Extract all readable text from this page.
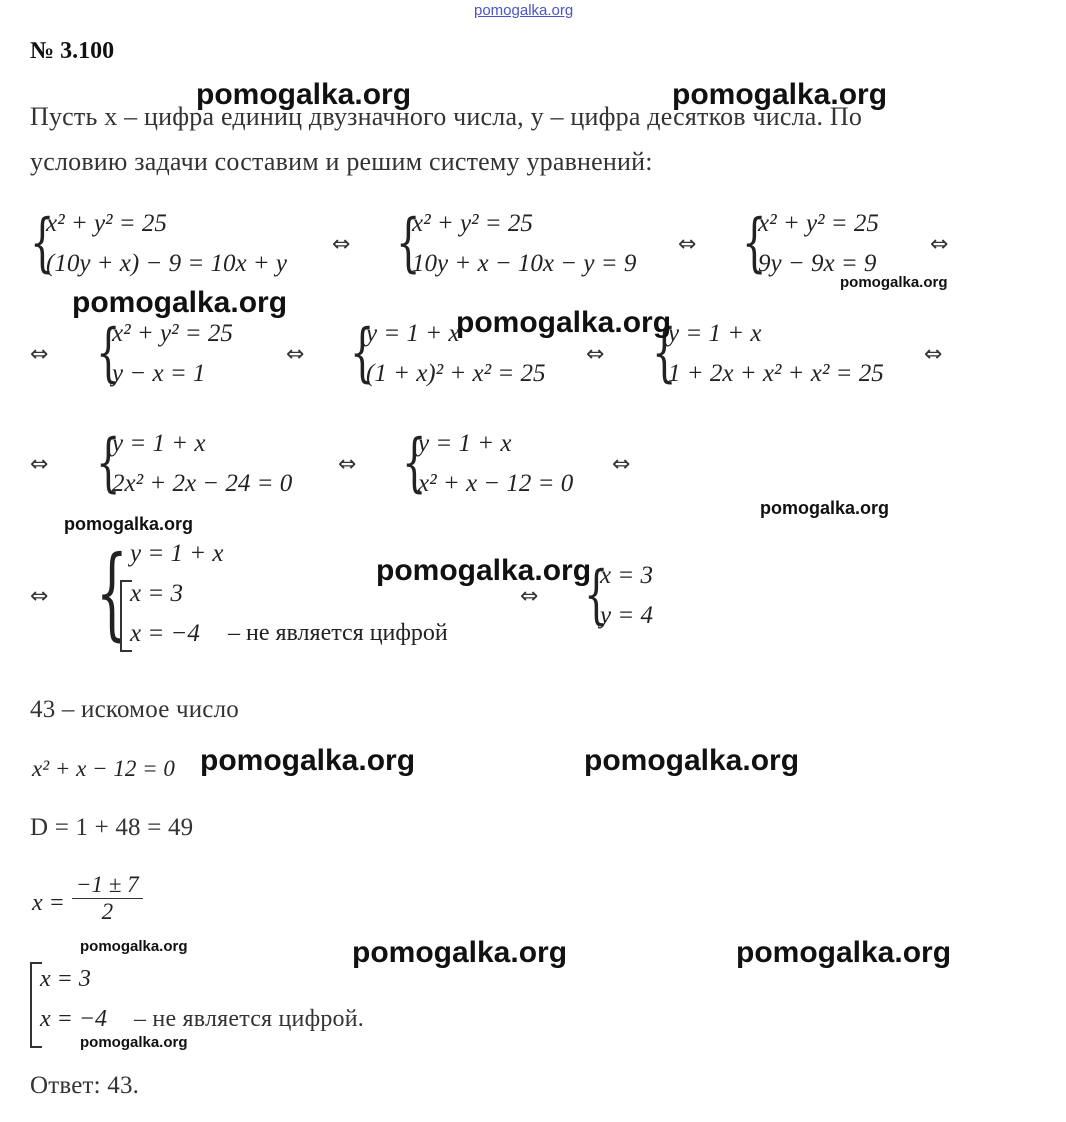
pomogalka.org
№ 3.100
Пусть x – цифра единиц двузначного числа, y – цифра десятков числа. По
условию задачи составим и решим систему уравнений:
{
x² + y² = 25
(10y + x) − 9 = 10x + y
⇔ {
x² + y² = 25
10y + x − 10x − y = 9
⇔ {
x² + y² = 25
9y − 9x = 9
⇔
⇔ {
x² + y² = 25
y − x = 1
⇔ {
y = 1 + x
(1 + x)² + x² = 25
⇔ {
y = 1 + x
1 + 2x + x² + x² = 25
⇔
⇔ {
y = 1 + x
2x² + 2x − 24 = 0
⇔ {
y = 1 + x
x² + x − 12 = 0
⇔
⇔ { y = 1 + x
x = 3
x = −4 – не является цифрой
⇔ {
x = 3
y = 4
43 – искомое число
x² + x − 12 = 0
D = 1 + 48 = 49
$x = \frac{-1 \pm 7}{2}$
x = 3
x = −4 – не является цифрой.
Ответ: 43.
pomogalka.org	pomogalka.org
pomogalka.org
pomogalka.org
pomogalka.org
pomogalka.org
pomogalka.org
pomogalka.org
pomogalka.org	pomogalka.org
pomogalka.org	pomogalka.org	pomogalka.org
pomogalka.org
